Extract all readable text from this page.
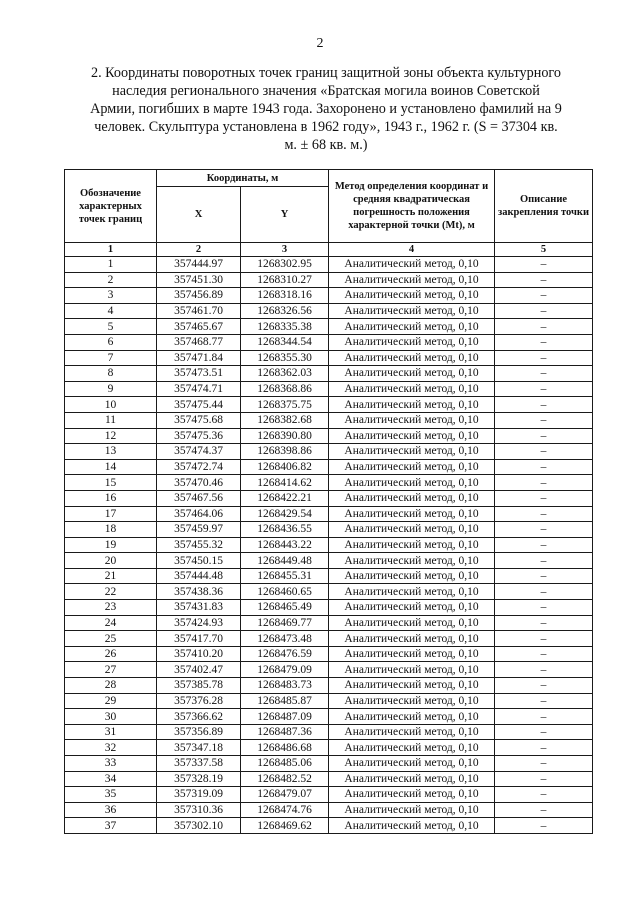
2
2. Координаты поворотных точек границ защитной зоны объекта культурного наследия регионального значения «Братская могила воинов Советской Армии, погибших в марте 1943 года. Захоронено и установлено фамилий на 9 человек. Скульптура установлена в 1962 году», 1943 г., 1962 г. (S = 37304 кв. м. ± 68 кв. м.)
Обозначение характерных точек границ	Координаты, м		Метод определения координат и средняя квадратическая погрешность положения характерной точки (Mt), м	Описание закрепления точки
	X	Y		
1	2	3	4	5
1	357444.97	1268302.95	Аналитический метод, 0,10	–
2	357451.30	1268310.27	Аналитический метод, 0,10	–
3	357456.89	1268318.16	Аналитический метод, 0,10	–
4	357461.70	1268326.56	Аналитический метод, 0,10	–
5	357465.67	1268335.38	Аналитический метод, 0,10	–
6	357468.77	1268344.54	Аналитический метод, 0,10	–
7	357471.84	1268355.30	Аналитический метод, 0,10	–
8	357473.51	1268362.03	Аналитический метод, 0,10	–
9	357474.71	1268368.86	Аналитический метод, 0,10	–
10	357475.44	1268375.75	Аналитический метод, 0,10	–
11	357475.68	1268382.68	Аналитический метод, 0,10	–
12	357475.36	1268390.80	Аналитический метод, 0,10	–
13	357474.37	1268398.86	Аналитический метод, 0,10	–
14	357472.74	1268406.82	Аналитический метод, 0,10	–
15	357470.46	1268414.62	Аналитический метод, 0,10	–
16	357467.56	1268422.21	Аналитический метод, 0,10	–
17	357464.06	1268429.54	Аналитический метод, 0,10	–
18	357459.97	1268436.55	Аналитический метод, 0,10	–
19	357455.32	1268443.22	Аналитический метод, 0,10	–
20	357450.15	1268449.48	Аналитический метод, 0,10	–
21	357444.48	1268455.31	Аналитический метод, 0,10	–
22	357438.36	1268460.65	Аналитический метод, 0,10	–
23	357431.83	1268465.49	Аналитический метод, 0,10	–
24	357424.93	1268469.77	Аналитический метод, 0,10	–
25	357417.70	1268473.48	Аналитический метод, 0,10	–
26	357410.20	1268476.59	Аналитический метод, 0,10	–
27	357402.47	1268479.09	Аналитический метод, 0,10	–
28	357385.78	1268483.73	Аналитический метод, 0,10	–
29	357376.28	1268485.87	Аналитический метод, 0,10	–
30	357366.62	1268487.09	Аналитический метод, 0,10	–
31	357356.89	1268487.36	Аналитический метод, 0,10	–
32	357347.18	1268486.68	Аналитический метод, 0,10	–
33	357337.58	1268485.06	Аналитический метод, 0,10	–
34	357328.19	1268482.52	Аналитический метод, 0,10	–
35	357319.09	1268479.07	Аналитический метод, 0,10	–
36	357310.36	1268474.76	Аналитический метод, 0,10	–
37	357302.10	1268469.62	Аналитический метод, 0,10	–
